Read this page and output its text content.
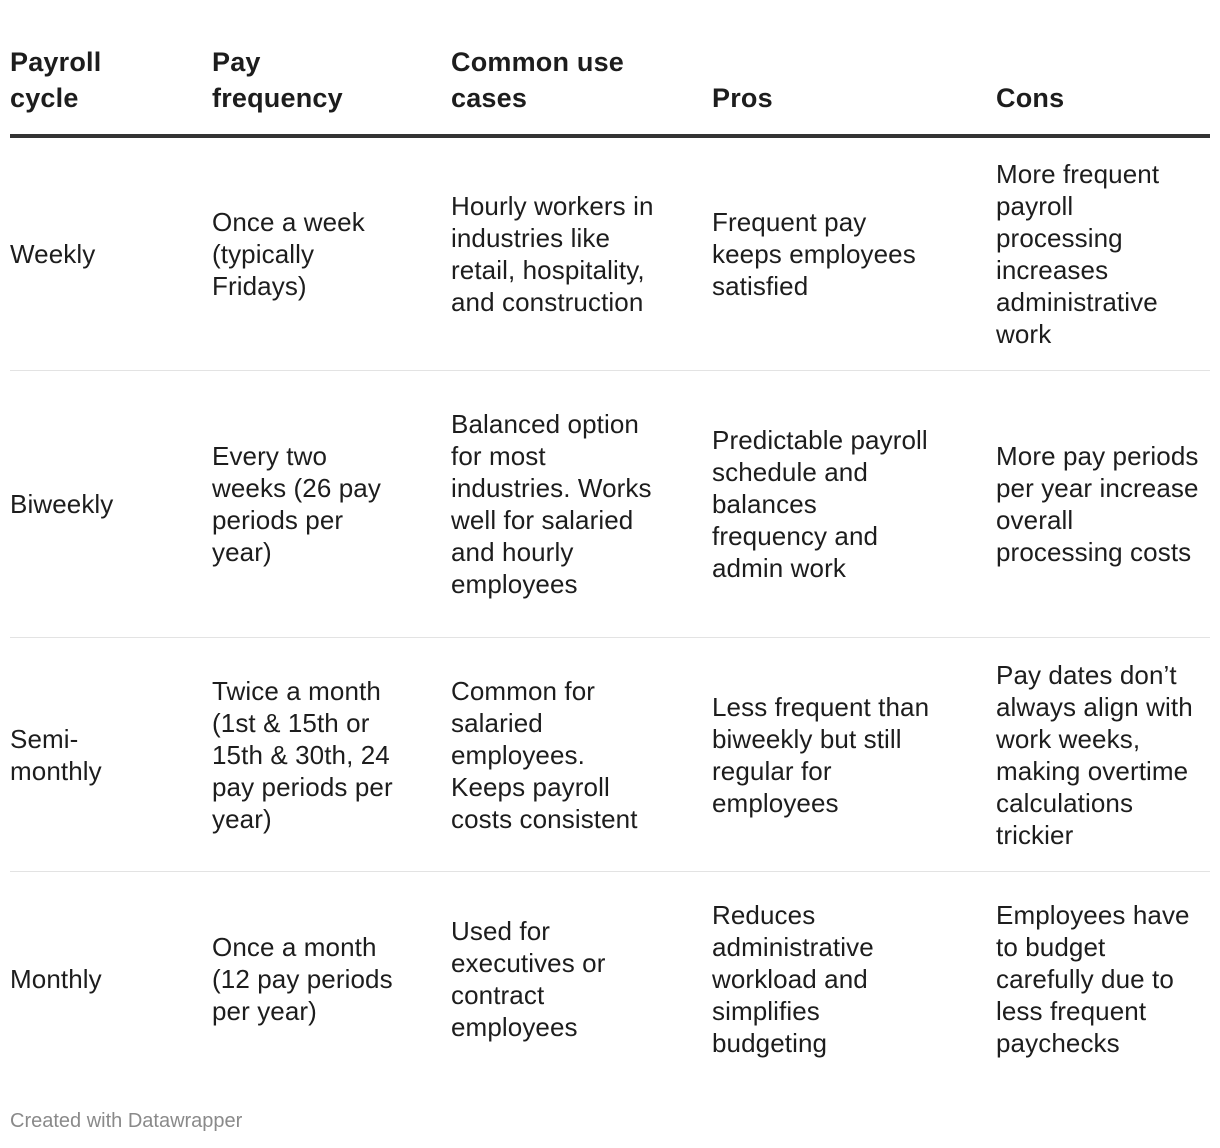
Payroll cycle	Pay frequency	Common use cases	Pros	Cons
Weekly	Once a week (typically Fridays)	Hourly workers in industries like retail, hospitality, and construction	Frequent pay keeps employees satisfied	More frequent payroll processing increases administrative work
Biweekly	Every two weeks (26 pay periods per year)	Balanced option for most industries. Works well for salaried and hourly employees	Predictable payroll schedule and balances frequency and admin work	More pay periods per year increase overall processing costs
Semi-monthly	Twice a month (1st & 15th or 15th & 30th, 24 pay periods per year)	Common for salaried employees. Keeps payroll costs consistent	Less frequent than biweekly but still regular for employees	Pay dates don’t always align with work weeks, making overtime calculations trickier
Monthly	Once a month (12 pay periods per year)	Used for executives or contract employees	Reduces administrative workload and simplifies budgeting	Employees have to budget carefully due to less frequent paychecks
Created with Datawrapper
